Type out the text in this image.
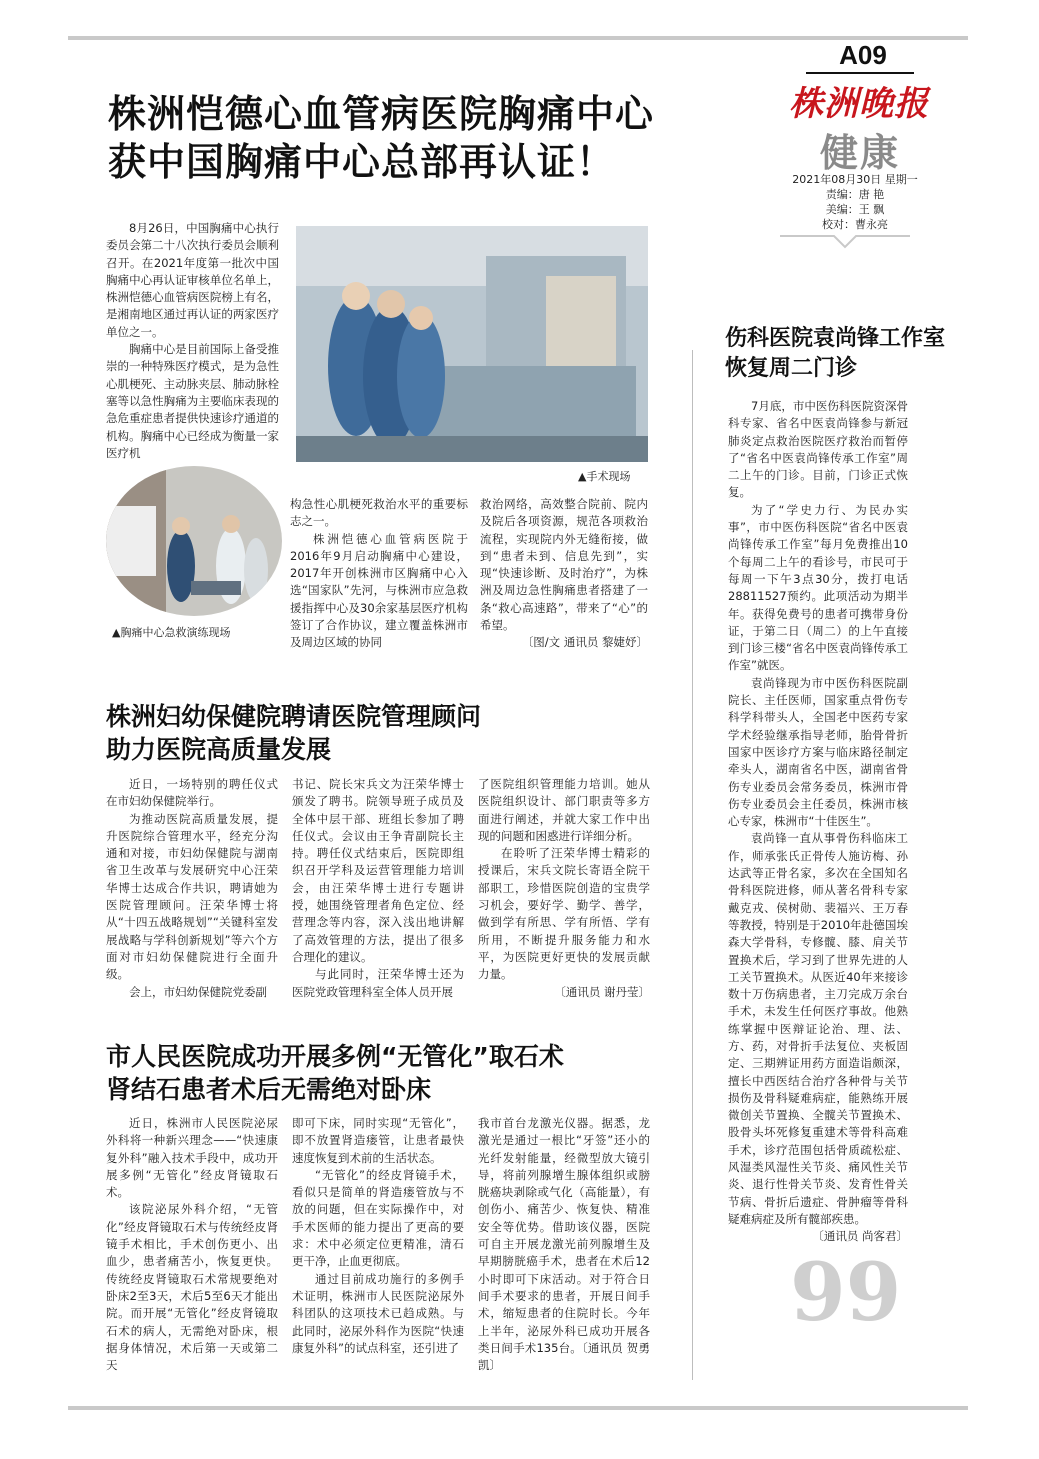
A09
株洲晚报
健康
2021年08月30日 星期一
责编：唐 艳
美编：王 飘
校对：曹永亮
株洲恺德心血管病医院胸痛中心
获中国胸痛中心总部再认证！

8月26日，中国胸痛中心执行委员会第二十八次执行委员会顺利召开。在2021年度第一批次中国胸痛中心再认证审核单位名单上，株洲恺德心血管病医院榜上有名，是湘南地区通过再认证的两家医疗单位之一。

胸痛中心是目前国际上备受推崇的一种特殊医疗模式，是为急性心肌梗死、主动脉夹层、肺动脉栓塞等以急性胸痛为主要临床表现的急危重症患者提供快速诊疗通道的机构。胸痛中心已经成为衡量一家医疗机

▲手术现场
▲胸痛中心急救演练现场

构急性心肌梗死救治水平的重要标志之一。

株洲恺德心血管病医院于2016年9月启动胸痛中心建设，2017年开创株洲市区胸痛中心入选“国家队”先河，与株洲市应急救援指挥中心及30余家基层医疗机构签订了合作协议，建立覆盖株洲市及周边区域的协同

救治网络，高效整合院前、院内及院后各项资源，规范各项救治流程，实现院内外无缝衔接，做到“患者未到、信息先到”，实现“快速诊断、及时治疗”，为株洲及周边急性胸痛患者搭建了一条“救心高速路”，带来了“心”的希望。

〔图/文 通讯员 黎婕妤〕
株洲妇幼保健院聘请医院管理顾问
助力医院高质量发展

近日，一场特别的聘任仪式在市妇幼保健院举行。

为推动医院高质量发展，提升医院综合管理水平，经充分沟通和对接，市妇幼保健院与湖南省卫生改革与发展研究中心汪荣华博士达成合作共识，聘请她为医院管理顾问。汪荣华博士将从“十四五战略规划”“关键科室发展战略与学科创新规划”等六个方面对市妇幼保健院进行全面升级。

会上，市妇幼保健院党委副

书记、院长宋兵文为汪荣华博士颁发了聘书。院领导班子成员及全体中层干部、班组长参加了聘任仪式。会议由王争青副院长主持。聘任仪式结束后，医院即组织召开学科及运营管理能力培训会，由汪荣华博士进行专题讲授，她围绕管理者角色定位、经营理念等内容，深入浅出地讲解了高效管理的方法，提出了很多合理化的建议。

与此同时，汪荣华博士还为医院党政管理科室全体人员开展

了医院组织管理能力培训。她从医院组织设计、部门职责等多方面进行阐述，并就大家工作中出现的问题和困惑进行详细分析。

在聆听了汪荣华博士精彩的授课后，宋兵文院长寄语全院干部职工，珍惜医院创造的宝贵学习机会，要好学、勤学、善学，做到学有所思、学有所悟、学有所用，不断提升服务能力和水平，为医院更好更快的发展贡献力量。

〔通讯员 谢丹莹〕
市人民医院成功开展多例“无管化”取石术
肾结石患者术后无需绝对卧床

近日，株洲市人民医院泌尿外科将一种新兴理念——“快速康复外科”融入技术手段中，成功开展多例“无管化”经皮肾镜取石术。

该院泌尿外科介绍，“无管化”经皮肾镜取石术与传统经皮肾镜手术相比，手术创伤更小、出血少，患者痛苦小，恢复更快。传统经皮肾镜取石术常规要绝对卧床2至3天，术后5至6天才能出院。而开展“无管化”经皮肾镜取石术的病人，无需绝对卧床，根据身体情况，术后第一天或第二天

即可下床，同时实现“无管化”，即不放置肾造瘘管，让患者最快速度恢复到术前的生活状态。

“无管化”的经皮肾镜手术，看似只是简单的肾造瘘管放与不放的问题，但在实际操作中，对手术医师的能力提出了更高的要求：术中必须定位更精准，清石更干净，止血更彻底。

通过目前成功施行的多例手术证明，株洲市人民医院泌尿外科团队的这项技术已趋成熟。与此同时，泌尿外科作为医院“快速康复外科”的试点科室，还引进了

我市首台龙激光仪器。据悉，龙激光是通过一根比“牙签”还小的光纤发射能量，经微型放大镜引导，将前列腺增生腺体组织或膀胱癌块剥除或气化（高能量），有创伤小、痛苦少、恢复快、精准安全等优势。借助该仪器，医院可自主开展龙激光前列腺增生及早期膀胱癌手术，患者在术后12小时即可下床活动。对于符合日间手术要求的患者，开展日间手术，缩短患者的住院时长。今年上半年，泌尿外科已成功开展各类日间手术135台。〔通讯员 贺勇凯〕

伤科医院袁尚锋工作室
恢复周二门诊

7月底，市中医伤科医院资深骨科专家、省名中医袁尚锋参与新冠肺炎定点救治医院医疗救治而暂停了“省名中医袁尚锋传承工作室”周二上午的门诊。目前，门诊正式恢复。

为了“学史力行、为民办实事”，市中医伤科医院“省名中医袁尚锋传承工作室”每月免费推出10个每周二上午的看诊号，市民可于每周一下午3点30分，拨打电话28811527预约。此项活动为期半年。获得免费号的患者可携带身份证，于第二日（周二）的上午直接到门诊三楼“省名中医袁尚锋传承工作室”就医。

袁尚锋现为市中医伤科医院副院长、主任医师，国家重点骨伤专科学科带头人，全国老中医药专家学术经验继承指导老师，胎骨骨折国家中医诊疗方案与临床路径制定牵头人，湖南省名中医，湖南省骨伤专业委员会常务委员，株洲市骨伤专业委员会主任委员，株洲市核心专家，株洲市“十佳医生”。

袁尚锋一直从事骨伤科临床工作，师承张氏正骨传人施访梅、孙达武等正骨名家，多次在全国知名骨科医院进修，师从著名骨科专家戴克戎、侯树勋、裴福兴、王万春等教授，特别是于2010年赴德国埃森大学骨科，专修髋、膝、肩关节置换术后，学习到了世界先进的人工关节置换术。从医近40年来接诊数十万伤病患者，主刀完成万余台手术，未发生任何医疗事故。他熟练掌握中医辩证论治、理、法、方、药，对骨折手法复位、夹板固定、三期辨证用药方面造诣颇深，擅长中西医结合治疗各种骨与关节损伤及骨科疑难病症，能熟练开展微创关节置换、全髋关节置换术、股骨头坏死修复重建术等骨科高难手术，诊疗范围包括骨质疏松症、风湿类风湿性关节炎、痛风性关节炎、退行性骨关节炎、发育性骨关节病、骨折后遗症、骨肿瘤等骨科疑难病症及所有髋部疾患。

〔通讯员 尚客君〕
99
